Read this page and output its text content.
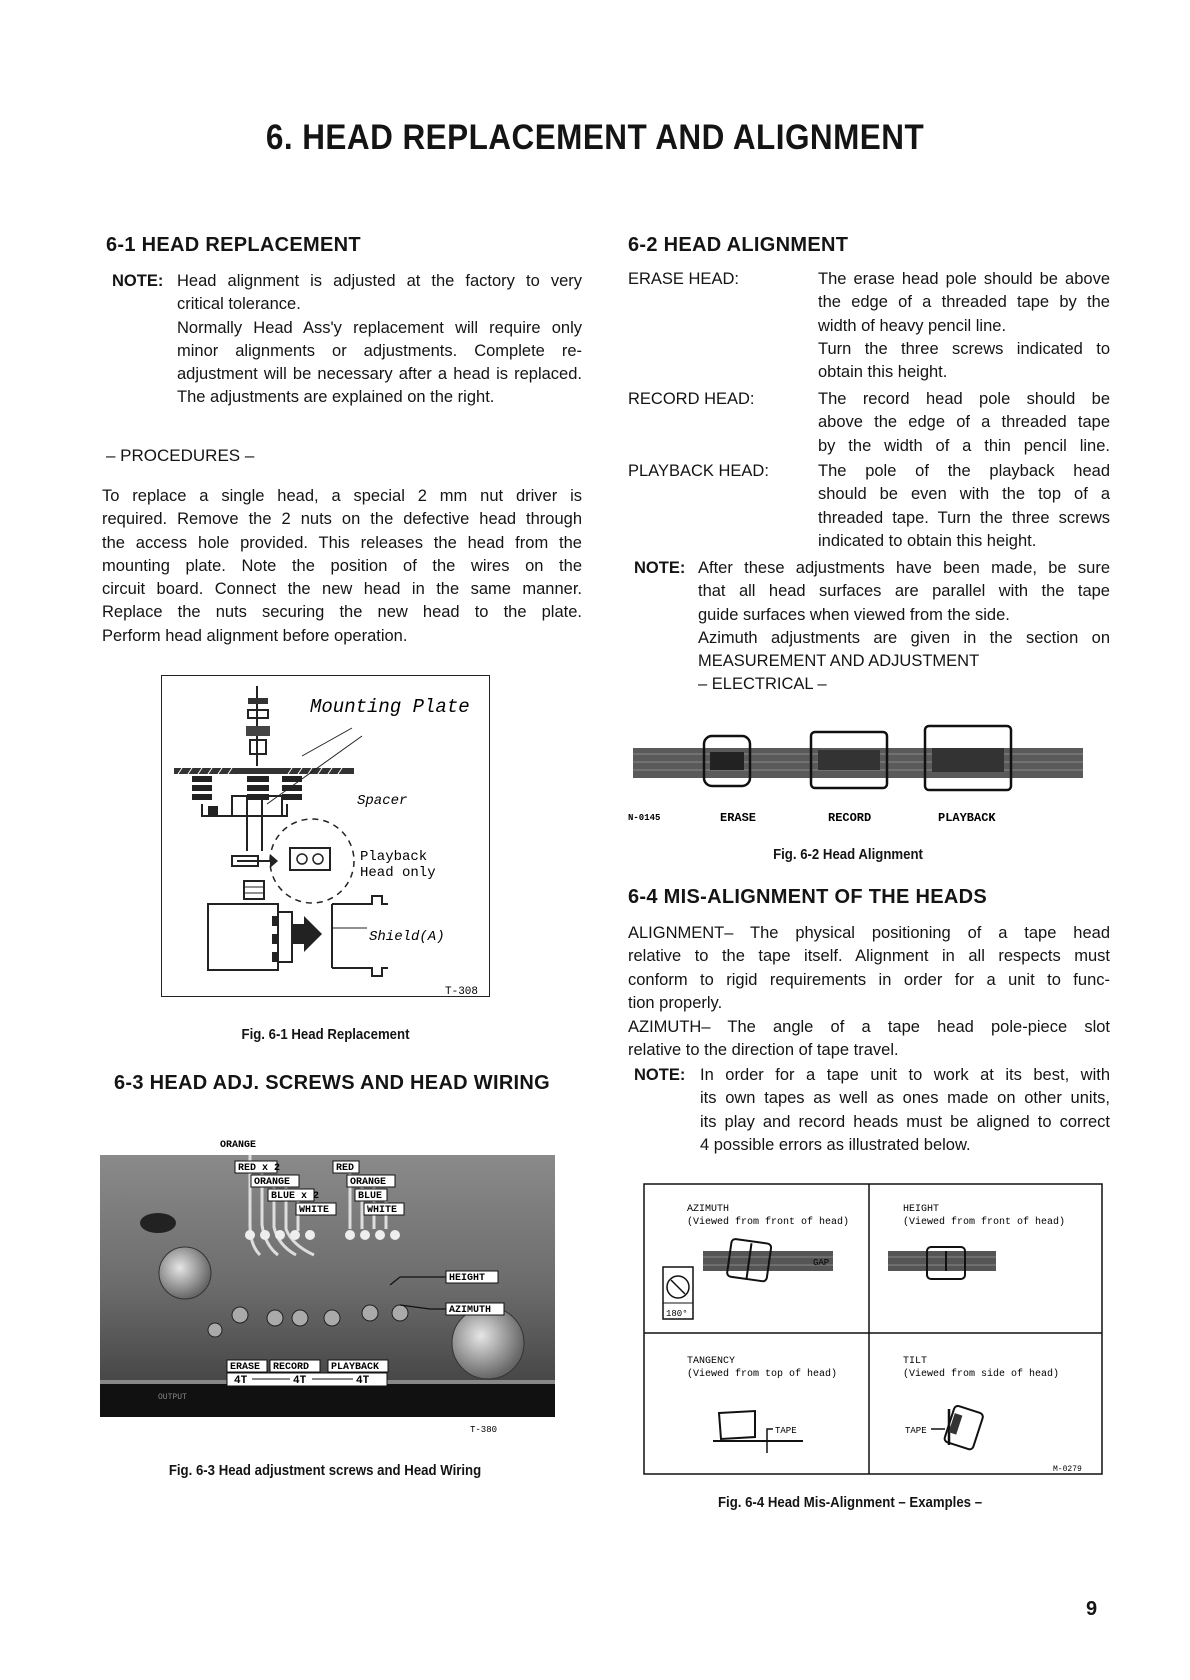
6. HEAD REPLACEMENT AND ALIGNMENT
6-1 HEAD REPLACEMENT
NOTE: Head alignment is adjusted at the factory to very
critical tolerance.
Normally Head Ass'y replacement will require only
minor alignments or adjustments. Complete re-
adjustment will be necessary after a head is replaced.
The adjustments are explained on the right.
– PROCEDURES –
To replace a single head, a special 2 mm nut driver is
required. Remove the 2 nuts on the defective head through
the access hole provided. This releases the head from the
mounting plate. Note the position of the wires on the
circuit board. Connect the new head in the same manner.
Replace the nuts securing the new head to the plate.
Perform head alignment before operation.
Shield(A)
Mounting Plate
Spacer
Playback
Head only
T-308
Fig. 6-1 Head Replacement
6-3 HEAD ADJ. SCREWS AND HEAD WIRING
ORANGE
RED x 2	RED
ORANGE	ORANGE
BLUE x 2	BLUE
WHITE	WHITE
HEIGHT
AZIMUTH
ERASE RECORD PLAYBACK
4T	4T	4T
OUTPUT
T-380
Fig. 6-3 Head adjustment screws and Head Wiring
6-2 HEAD ALIGNMENT
ERASE HEAD:	The erase head pole should be above
the edge of a threaded tape by the
width of heavy pencil line.
Turn the three screws indicated to
obtain this height.
RECORD HEAD:	The record head pole should be
above the edge of a threaded tape
by the width of a thin pencil line.
PLAYBACK HEAD:	The pole of the playback head
should be even with the top of a
threaded tape. Turn the three screws
indicated to obtain this height.
NOTE: After these adjustments have been made, be sure
that all head surfaces are parallel with the tape
guide surfaces when viewed from the side.
Azimuth adjustments are given in the section on
MEASUREMENT AND ADJUSTMENT
– ELECTRICAL –
N-0145	ERASE	RECORD	PLAYBACK
Fig. 6-2 Head Alignment
6-4 MIS-ALIGNMENT OF THE HEADS
ALIGNMENT– The physical positioning of a tape head
relative to the tape itself. Alignment in all respects must
conform to rigid requirements in order for a unit to func-
tion properly.
AZIMUTH– The angle of a tape head pole-piece slot
relative to the direction of tape travel.
NOTE: In order for a tape unit to work at its best, with
its own tapes as well as ones made on other units,
its play and record heads must be aligned to correct
4 possible errors as illustrated below.
AZIMUTH
(Viewed from front of head)
HEIGHT
(Viewed from front of head)
TANGENCY
(Viewed from top of head)
TILT
(Viewed from side of head)
GAP
180°
TAPE	TAPE
M-0279
Fig. 6-4 Head Mis-Alignment – Examples –
9
